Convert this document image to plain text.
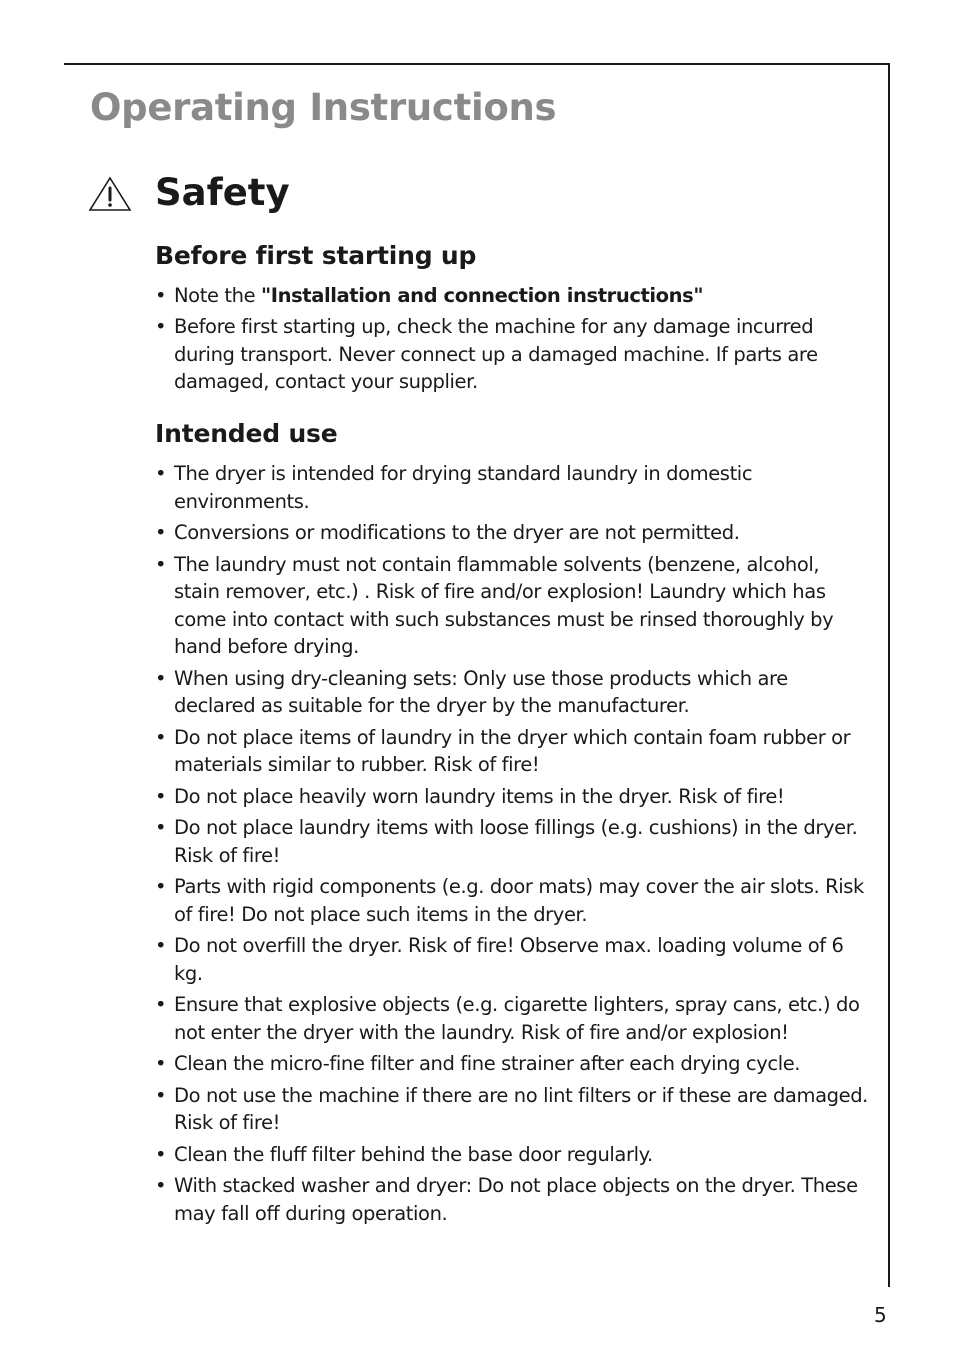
Operating Instructions
Safety
Before first starting up
• Note the "Installation and connection instructions"
• Before first starting up, check the machine for any damage incurred during transport. Never connect up a damaged machine. If parts are damaged, contact your supplier.
Intended use
• The dryer is intended for drying standard laundry in domestic environments.
• Conversions or modifications to the dryer are not permitted.
• The laundry must not contain flammable solvents (benzene, alcohol, stain remover, etc.) . Risk of fire and/or explosion! Laundry which has come into contact with such substances must be rinsed thoroughly by hand before drying.
• When using dry-cleaning sets: Only use those products which are declared as suitable for the dryer by the manufacturer.
• Do not place items of laundry in the dryer which contain foam rubber or materials similar to rubber. Risk of fire!
• Do not place heavily worn laundry items in the dryer. Risk of fire!
• Do not place laundry items with loose fillings (e.g. cushions) in the dryer. Risk of fire!
• Parts with rigid components (e.g. door mats) may cover the air slots. Risk of fire! Do not place such items in the dryer.
• Do not overfill the dryer. Risk of fire! Observe max. loading volume of 6 kg.
• Ensure that explosive objects (e.g. cigarette lighters, spray cans, etc.) do not enter the dryer with the laundry. Risk of fire and/or explosion!
• Clean the micro-fine filter and fine strainer after each drying cycle.
• Do not use the machine if there are no lint filters or if these are damaged. Risk of fire!
• Clean the fluff filter behind the base door regularly.
• With stacked washer and dryer: Do not place objects on the dryer. These may fall off during operation.
5
